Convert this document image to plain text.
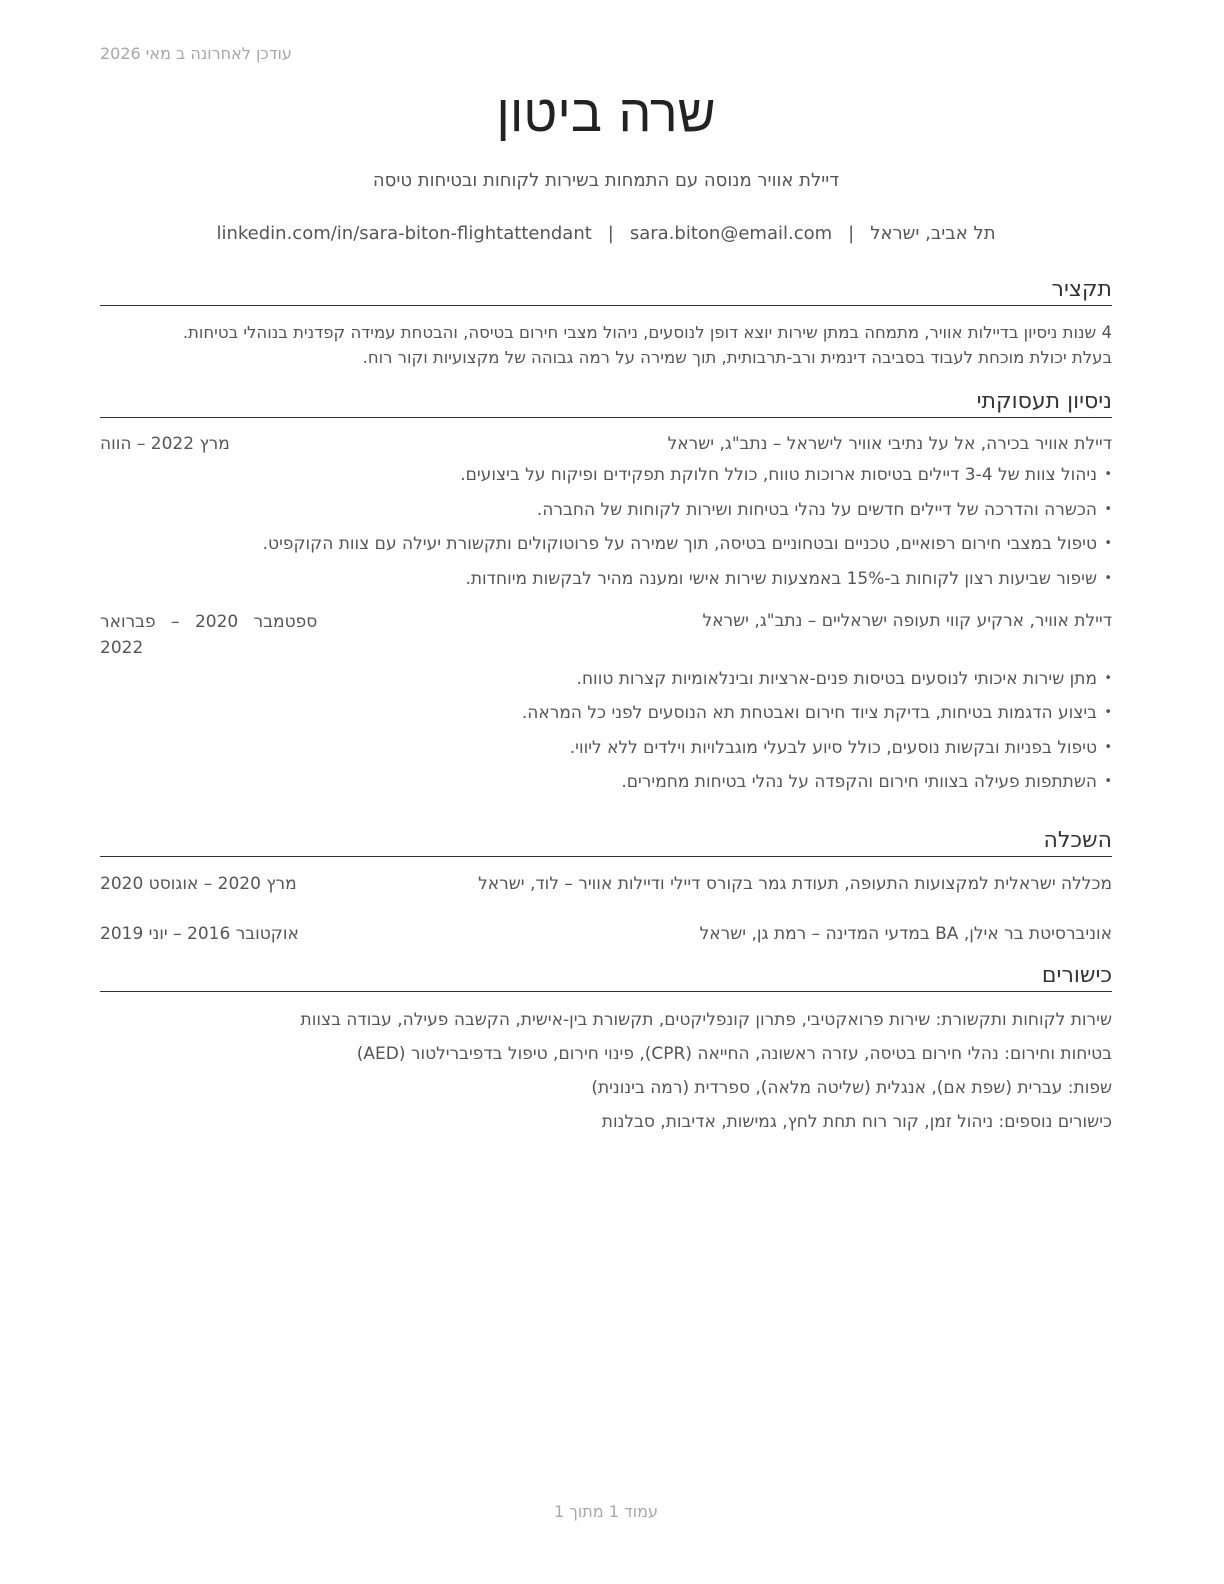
עודכן לאחרונה ב מאי 2026
שרה ביטון
דיילת אוויר מנוסה עם התמחות בשירות לקוחות ובטיחות טיסה
תל אביב, ישראל|sara.biton@email.com|linkedin.com/in/sara-biton-flightattendant
תקציר
4 שנות ניסיון בדיילות אוויר, מתמחה במתן שירות יוצא דופן לנוסעים, ניהול מצבי חירום בטיסה, והבטחת עמידה קפדנית בנוהלי בטיחות.
בעלת יכולת מוכחת לעבוד בסביבה דינמית ורב-תרבותית, תוך שמירה על רמה גבוהה של מקצועיות וקור רוח.
ניסיון תעסוקתי
דיילת אוויר בכירה, אל על נתיבי אוויר לישראל – נתב"ג, ישראל
מרץ 2022 – הווה
• ניהול צוות של 3-4 דיילים בטיסות ארוכות טווח, כולל חלוקת תפקידים ופיקוח על ביצועים.
• הכשרה והדרכה של דיילים חדשים על נהלי בטיחות ושירות לקוחות של החברה.
• טיפול במצבי חירום רפואיים, טכניים ובטחוניים בטיסה, תוך שמירה על פרוטוקולים ותקשורת יעילה עם צוות הקוקפיט.
• שיפור שביעות רצון לקוחות ב-15% באמצעות שירות אישי ומענה מהיר לבקשות מיוחדות.
דיילת אוויר, ארקיע קווי תעופה ישראליים – נתב"ג, ישראל
ספטמבר 2020 – פברואר 2022
• מתן שירות איכותי לנוסעים בטיסות פנים-ארציות ובינלאומיות קצרות טווח.
• ביצוע הדגמות בטיחות, בדיקת ציוד חירום ואבטחת תא הנוסעים לפני כל המראה.
• טיפול בפניות ובקשות נוסעים, כולל סיוע לבעלי מוגבלויות וילדים ללא ליווי.
• השתתפות פעילה בצוותי חירום והקפדה על נהלי בטיחות מחמירים.
השכלה
מכללה ישראלית למקצועות התעופה, תעודת גמר בקורס דיילי ודיילות אוויר – לוד, ישראל
מרץ 2020 – אוגוסט 2020
אוניברסיטת בר אילן, BA במדעי המדינה – רמת גן, ישראל
אוקטובר 2016 – יוני 2019
כישורים
שירות לקוחות ותקשורת: שירות פרואקטיבי, פתרון קונפליקטים, תקשורת בין-אישית, הקשבה פעילה, עבודה בצוות
בטיחות וחירום: נהלי חירום בטיסה, עזרה ראשונה, החייאה (CPR), פינוי חירום, טיפול בדפיברילטור (AED)
שפות: עברית (שפת אם), אנגלית (שליטה מלאה), ספרדית (רמה בינונית)
כישורים נוספים: ניהול זמן, קור רוח תחת לחץ, גמישות, אדיבות, סבלנות
עמוד 1 מתוך 1
